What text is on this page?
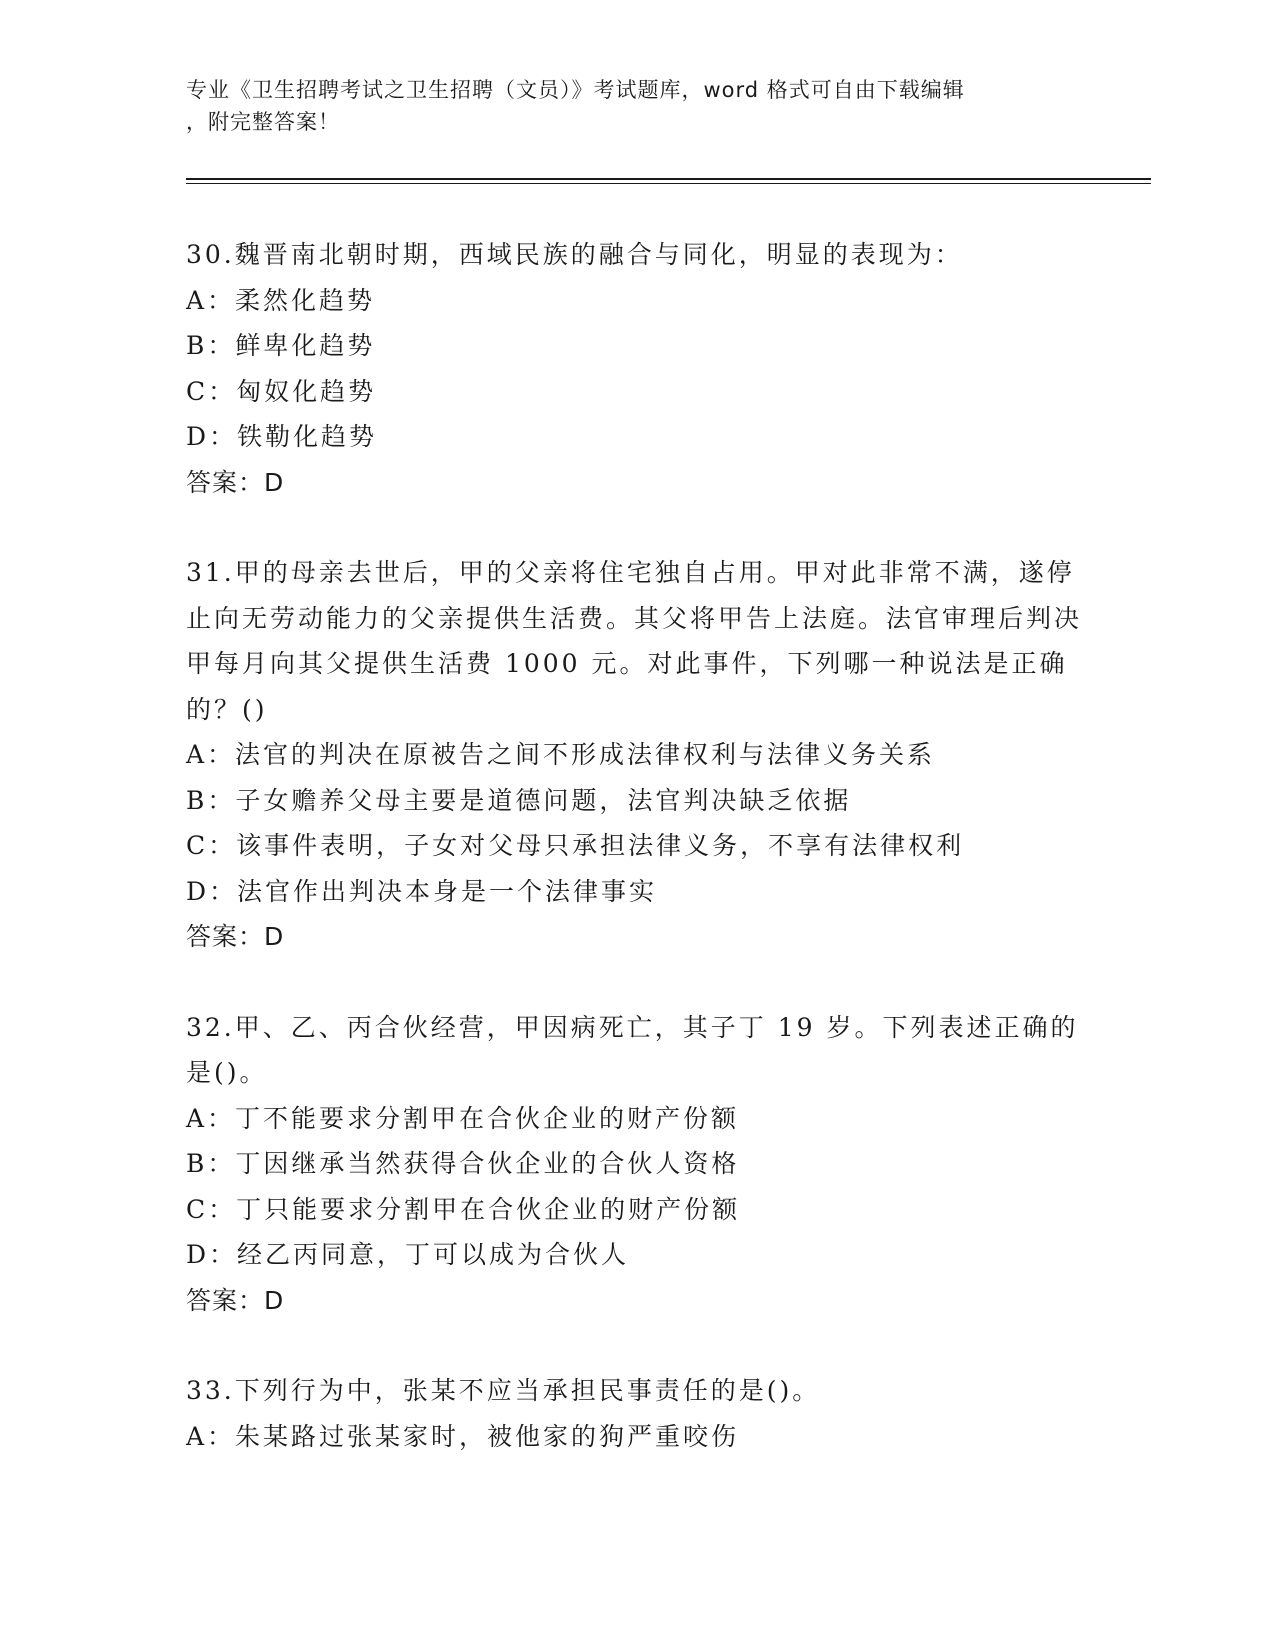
专业《卫生招聘考试之卫生招聘（文员）》考试题库，word 格式可自由下载编辑
，附完整答案！

30.魏晋南北朝时期，西域民族的融合与同化，明显的表现为：

A：柔然化趋势

B：鲜卑化趋势

C：匈奴化趋势

D：铁勒化趋势

答案：D

31.甲的母亲去世后，甲的父亲将住宅独自占用。甲对此非常不满，遂停止向无劳动能力的父亲提供生活费。其父将甲告上法庭。法官审理后判决甲每月向其父提供生活费 1000 元。对此事件，下列哪一种说法是正确的？()

A：法官的判决在原被告之间不形成法律权利与法律义务关系

B：子女赡养父母主要是道德问题，法官判决缺乏依据

C：该事件表明，子女对父母只承担法律义务，不享有法律权利

D：法官作出判决本身是一个法律事实

答案：D

32.甲、乙、丙合伙经营，甲因病死亡，其子丁 19 岁。下列表述正确的是()。

A：丁不能要求分割甲在合伙企业的财产份额

B：丁因继承当然获得合伙企业的合伙人资格

C：丁只能要求分割甲在合伙企业的财产份额

D：经乙丙同意，丁可以成为合伙人

答案：D

33.下列行为中，张某不应当承担民事责任的是()。

A：朱某路过张某家时，被他家的狗严重咬伤
